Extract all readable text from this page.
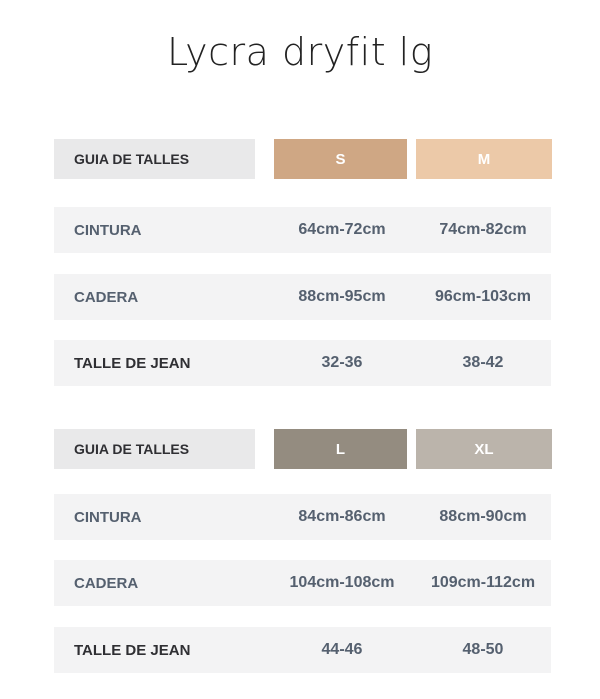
Lycra dryfit lg
GUIA DE TALLES	S	M
CINTURA	64cm-72cm	74cm-82cm
CADERA	88cm-95cm	96cm-103cm
TALLE DE JEAN	32-36	38-42
GUIA DE TALLES	L	XL
CINTURA	84cm-86cm	88cm-90cm
CADERA	104cm-108cm	109cm-112cm
TALLE DE JEAN	44-46	48-50
